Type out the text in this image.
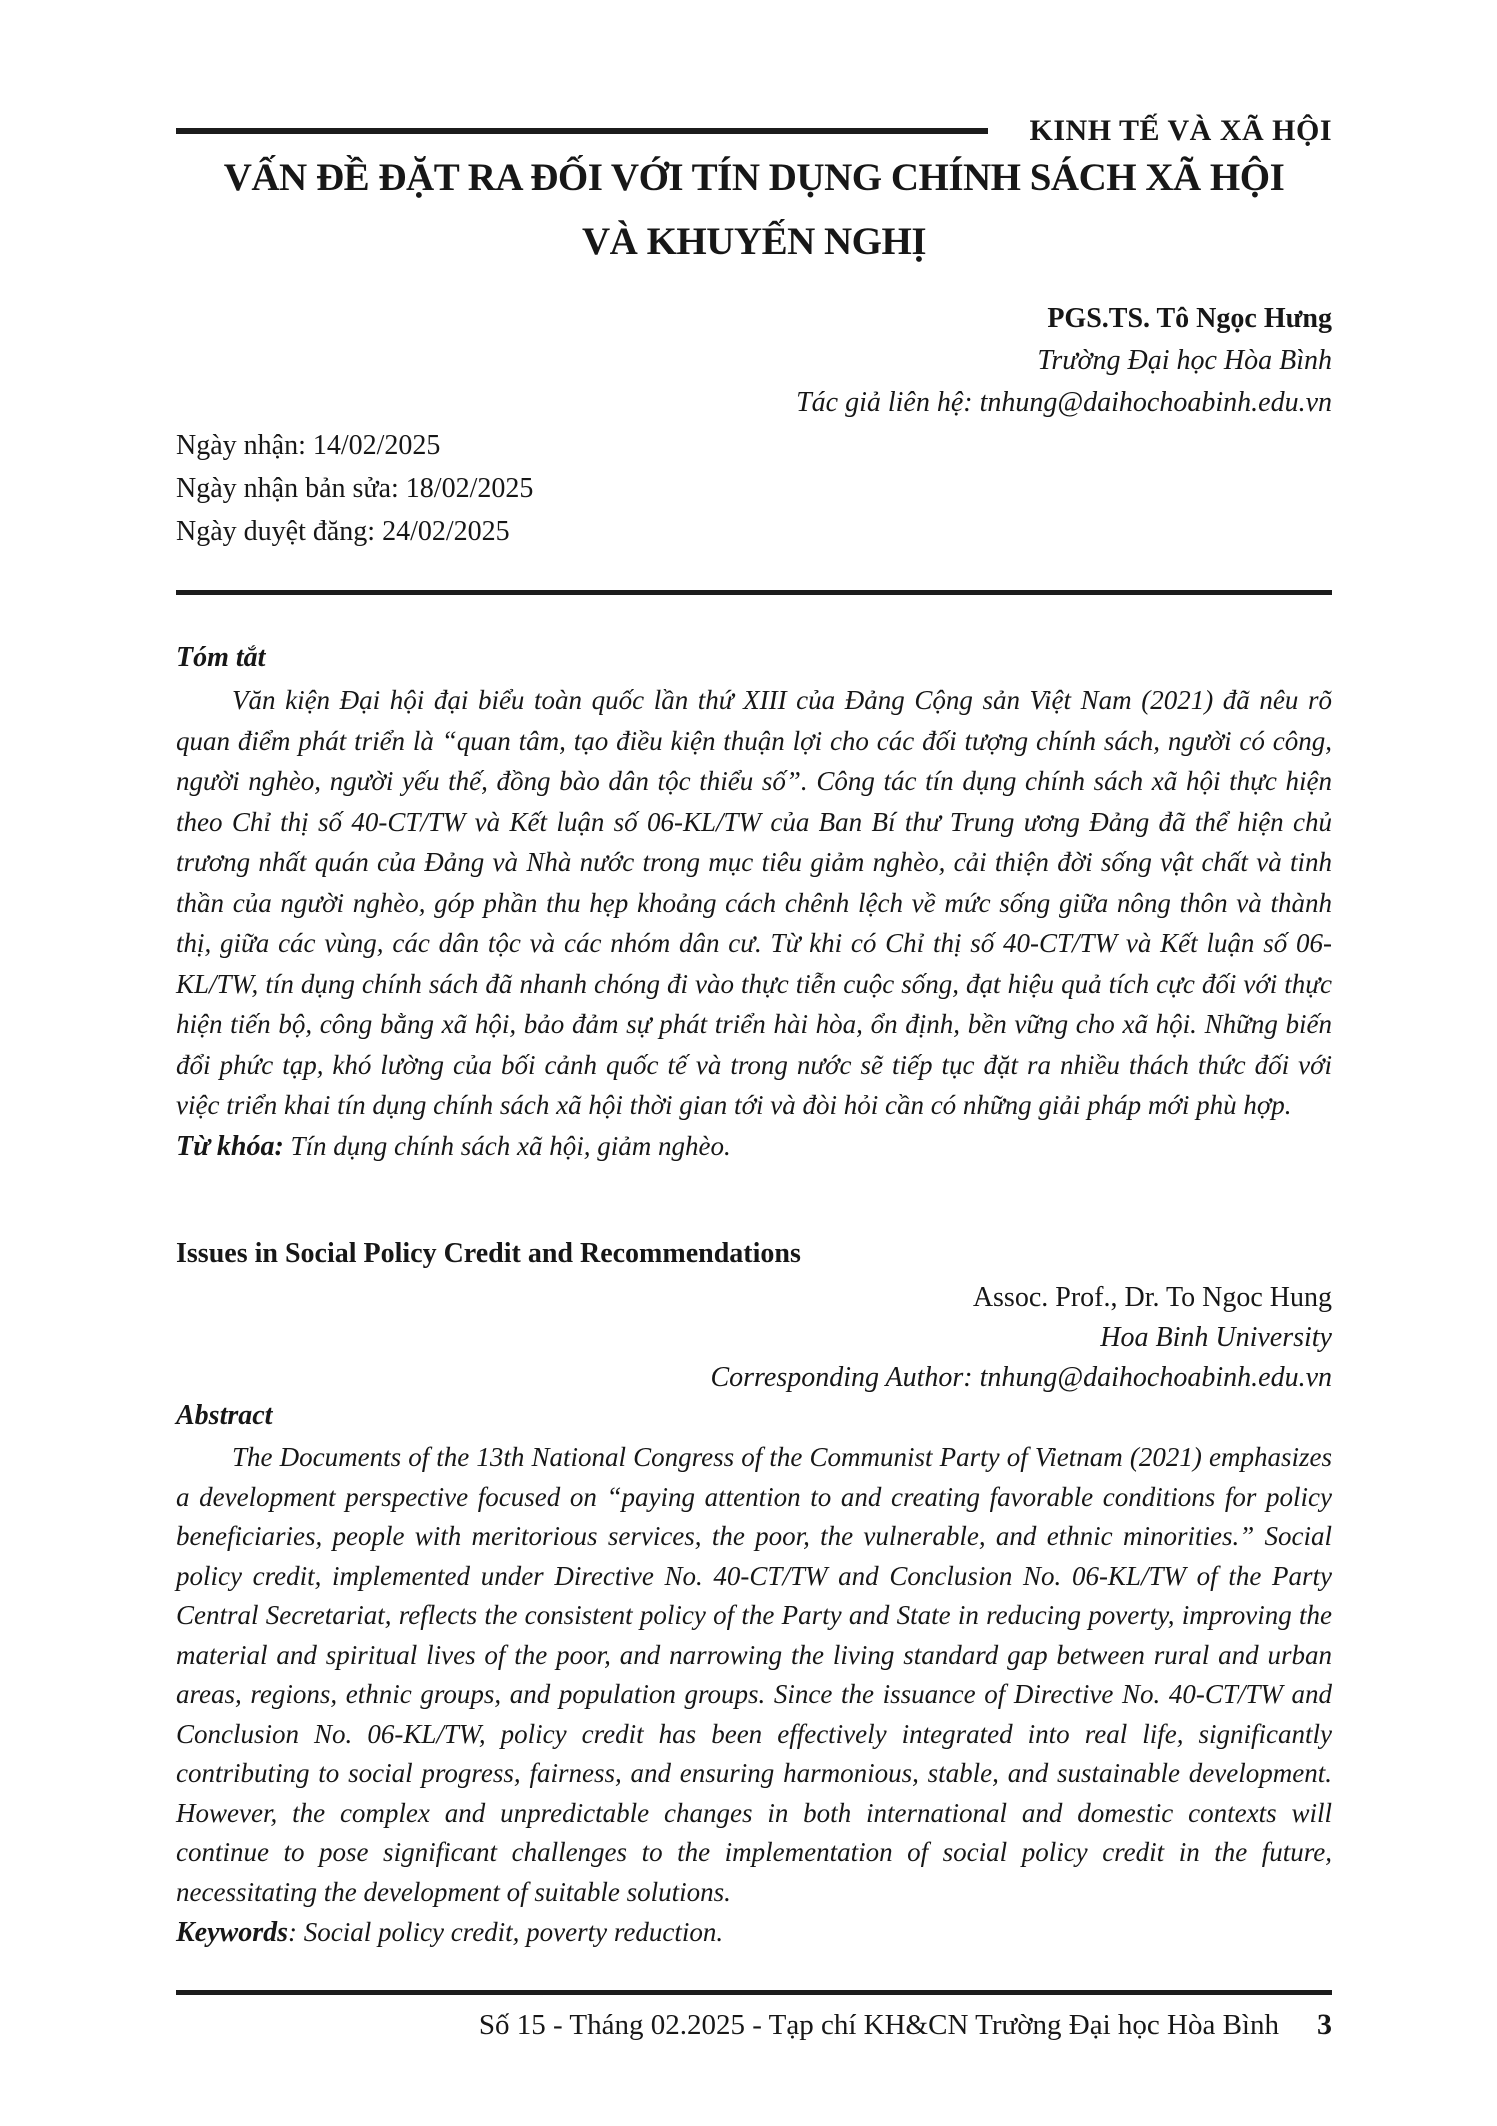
KINH TẾ VÀ XÃ HỘI
VẤN ĐỀ ĐẶT RA ĐỐI VỚI TÍN DỤNG CHÍNH SÁCH XÃ HỘI
VÀ KHUYẾN NGHỊ
PGS.TS. Tô Ngọc Hưng
Trường Đại học Hòa Bình
Tác giả liên hệ: tnhung@daihochoabinh.edu.vn
Ngày nhận: 14/02/2025
Ngày nhận bản sửa: 18/02/2025
Ngày duyệt đăng: 24/02/2025
Tóm tắt

Văn kiện Đại hội đại biểu toàn quốc lần thứ XIII của Đảng Cộng sản Việt Nam (2021) đã nêu rõ quan điểm phát triển là “quan tâm, tạo điều kiện thuận lợi cho các đối tượng chính sách, người có công, người nghèo, người yếu thế, đồng bào dân tộc thiểu số”. Công tác tín dụng chính sách xã hội thực hiện theo Chỉ thị số 40-CT/TW và Kết luận số 06-KL/TW của Ban Bí thư Trung ương Đảng đã thể hiện chủ trương nhất quán của Đảng và Nhà nước trong mục tiêu giảm nghèo, cải thiện đời sống vật chất và tinh thần của người nghèo, góp phần thu hẹp khoảng cách chênh lệch về mức sống giữa nông thôn và thành thị, giữa các vùng, các dân tộc và các nhóm dân cư. Từ khi có Chỉ thị số 40-CT/TW và Kết luận số 06-KL/TW, tín dụng chính sách đã nhanh chóng đi vào thực tiễn cuộc sống, đạt hiệu quả tích cực đối với thực hiện tiến bộ, công bằng xã hội, bảo đảm sự phát triển hài hòa, ổn định, bền vững cho xã hội. Những biến đổi phức tạp, khó lường của bối cảnh quốc tế và trong nước sẽ tiếp tục đặt ra nhiều thách thức đối với việc triển khai tín dụng chính sách xã hội thời gian tới và đòi hỏi cần có những giải pháp mới phù hợp.

Từ khóa: Tín dụng chính sách xã hội, giảm nghèo.
Issues in Social Policy Credit and Recommendations
Assoc. Prof., Dr. To Ngoc Hung
Hoa Binh University
Corresponding Author: tnhung@daihochoabinh.edu.vn
Abstract

The Documents of the 13th National Congress of the Communist Party of Vietnam (2021) emphasizes a development perspective focused on “paying attention to and creating favorable conditions for policy beneficiaries, people with meritorious services, the poor, the vulnerable, and ethnic minorities.” Social policy credit, implemented under Directive No. 40-CT/TW and Conclusion No. 06-KL/TW of the Party Central Secretariat, reflects the consistent policy of the Party and State in reducing poverty, improving the material and spiritual lives of the poor, and narrowing the living standard gap between rural and urban areas, regions, ethnic groups, and population groups. Since the issuance of Directive No. 40-CT/TW and Conclusion No. 06-KL/TW, policy credit has been effectively integrated into real life, significantly contributing to social progress, fairness, and ensuring harmonious, stable, and sustainable development. However, the complex and unpredictable changes in both international and domestic contexts will continue to pose significant challenges to the implementation of social policy credit in the future, necessitating the development of suitable solutions.

Keywords: Social policy credit, poverty reduction.
Số 15 - Tháng 02.2025 - Tạp chí KH&CN Trường Đại học Hòa Bình 3
